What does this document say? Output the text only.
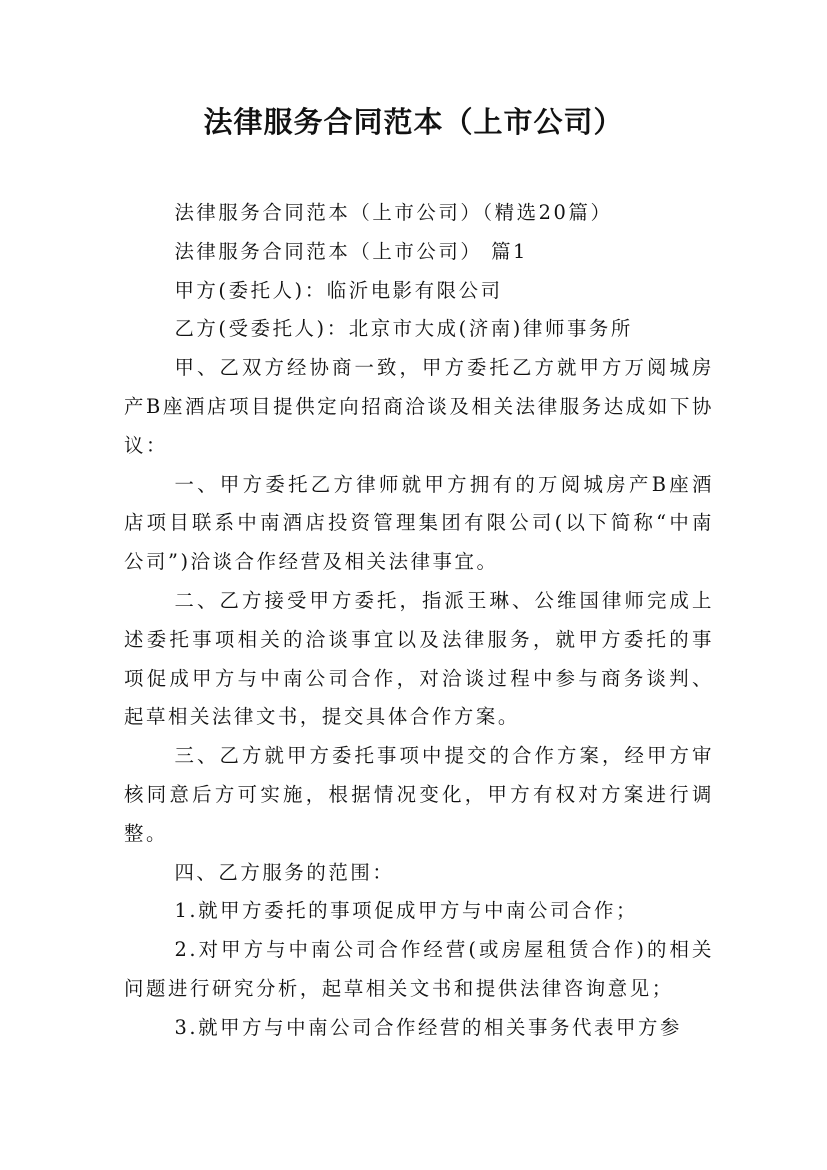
法律服务合同范本（上市公司）

法律服务合同范本（上市公司）（精选20篇）

法律服务合同范本（上市公司） 篇1

甲方(委托人)：临沂电影有限公司

乙方(受委托人)：北京市大成(济南)律师事务所

甲、乙双方经协商一致，甲方委托乙方就甲方万阅城房产B座酒店项目提供定向招商洽谈及相关法律服务达成如下协议：

一、甲方委托乙方律师就甲方拥有的万阅城房产B座酒店项目联系中南酒店投资管理集团有限公司(以下简称“中南公司”)洽谈合作经营及相关法律事宜。

二、乙方接受甲方委托，指派王琳、公维国律师完成上述委托事项相关的洽谈事宜以及法律服务，就甲方委托的事项促成甲方与中南公司合作，对洽谈过程中参与商务谈判、起草相关法律文书，提交具体合作方案。

三、乙方就甲方委托事项中提交的合作方案，经甲方审核同意后方可实施，根据情况变化，甲方有权对方案进行调整。

四、乙方服务的范围：

1.就甲方委托的事项促成甲方与中南公司合作；

2.对甲方与中南公司合作经营(或房屋租赁合作)的相关问题进行研究分析，起草相关文书和提供法律咨询意见；

3.就甲方与中南公司合作经营的相关事务代表甲方参
